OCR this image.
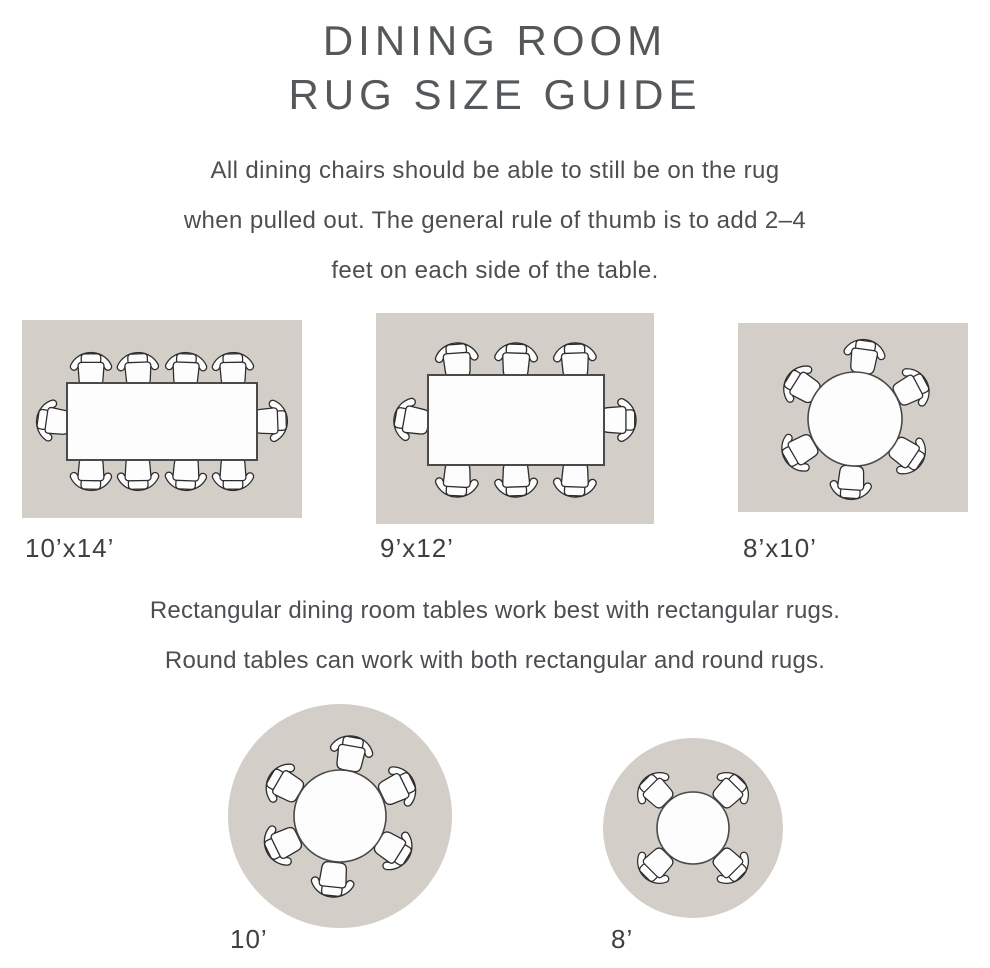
DINING ROOM
RUG SIZE GUIDE

All dining chairs should be able to still be on the rug
when pulled out. The general rule of thumb is to add 2–4
feet on each side of the table.

10’x14’	9’x12’	8’x10’

Rectangular dining room tables work best with rectangular rugs.
Round tables can work with both rectangular and round rugs.

10’	8’
